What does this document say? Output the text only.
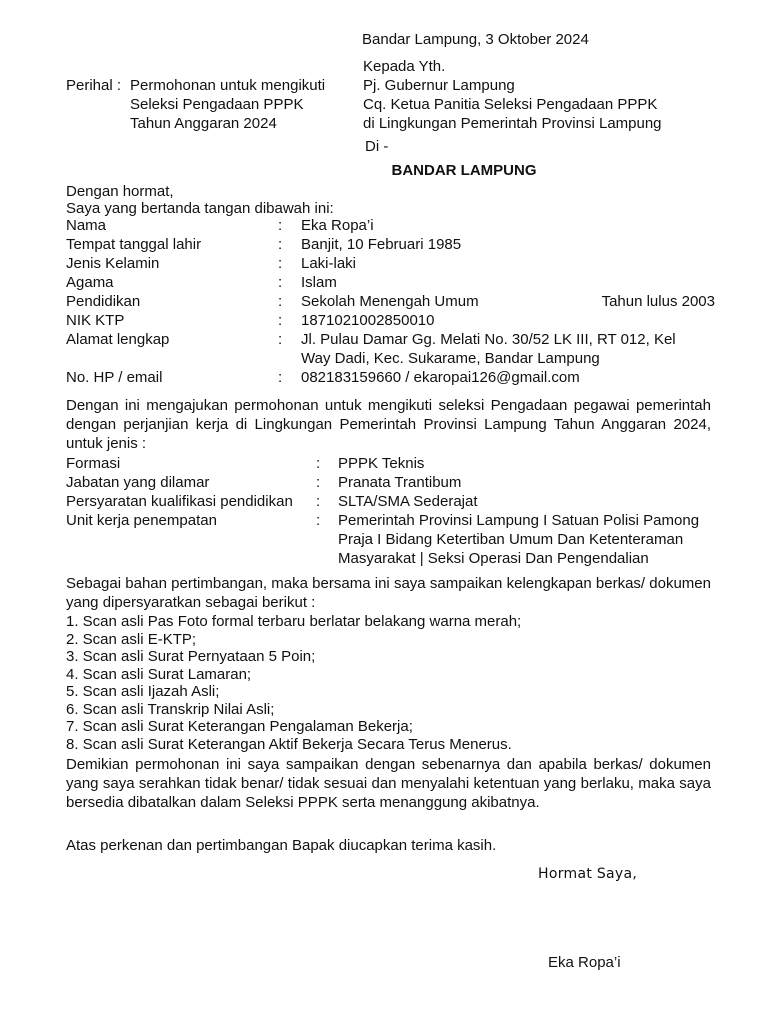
Bandar Lampung, 3 Oktober 2024
Kepada Yth.
Pj. Gubernur Lampung
Cq. Ketua Panitia Seleksi Pengadaan PPPK
di Lingkungan Pemerintah Provinsi Lampung
Perihal : Permohonan untuk mengikuti
Seleksi Pengadaan PPPK
Tahun Anggaran 2024
Di -
BANDAR LAMPUNG
Dengan hormat,
Saya yang bertanda tangan dibawah ini:
Nama	:	Eka Ropa’i
Tempat tanggal lahir	:	Banjit, 10 Februari 1985
Jenis Kelamin	:	Laki-laki
Agama	:	Islam
Pendidikan	:	Sekolah Menengah Umum	Tahun lulus 2003
NIK KTP	:	1871021002850010
Alamat lengkap	:	Jl. Pulau Damar Gg. Melati No. 30/52 LK III, RT 012, Kel
Way Dadi, Kec. Sukarame, Bandar Lampung
No. HP / email	:	082183159660 / ekaropai126@gmail.com
Dengan ini mengajukan permohonan untuk mengikuti seleksi Pengadaan pegawai pemerintah dengan perjanjian kerja di Lingkungan Pemerintah Provinsi Lampung Tahun Anggaran 2024, untuk jenis :
Formasi	:	PPPK Teknis
Jabatan yang dilamar	:	Pranata Trantibum
Persyaratan kualifikasi pendidikan	:	SLTA/SMA Sederajat
Unit kerja penempatan	:	Pemerintah Provinsi Lampung I Satuan Polisi Pamong
Praja I Bidang Ketertiban Umum Dan Ketenteraman
Masyarakat | Seksi Operasi Dan Pengendalian
Sebagai bahan pertimbangan, maka bersama ini saya sampaikan kelengkapan berkas/ dokumen yang dipersyaratkan sebagai berikut :
1. Scan asli Pas Foto formal terbaru berlatar belakang warna merah;
2. Scan asli E-KTP;
3. Scan asli Surat Pernyataan 5 Poin;
4. Scan asli Surat Lamaran;
5. Scan asli Ijazah Asli;
6. Scan asli Transkrip Nilai Asli;
7. Scan asli Surat Keterangan Pengalaman Bekerja;
8. Scan asli Surat Keterangan Aktif Bekerja Secara Terus Menerus.
Demikian permohonan ini saya sampaikan dengan sebenarnya dan apabila berkas/ dokumen yang saya serahkan tidak benar/ tidak sesuai dan menyalahi ketentuan yang berlaku, maka saya bersedia dibatalkan dalam Seleksi PPPK serta menanggung akibatnya.
Atas perkenan dan pertimbangan Bapak diucapkan terima kasih.
Hormat Saya,
Eka Ropa’i
